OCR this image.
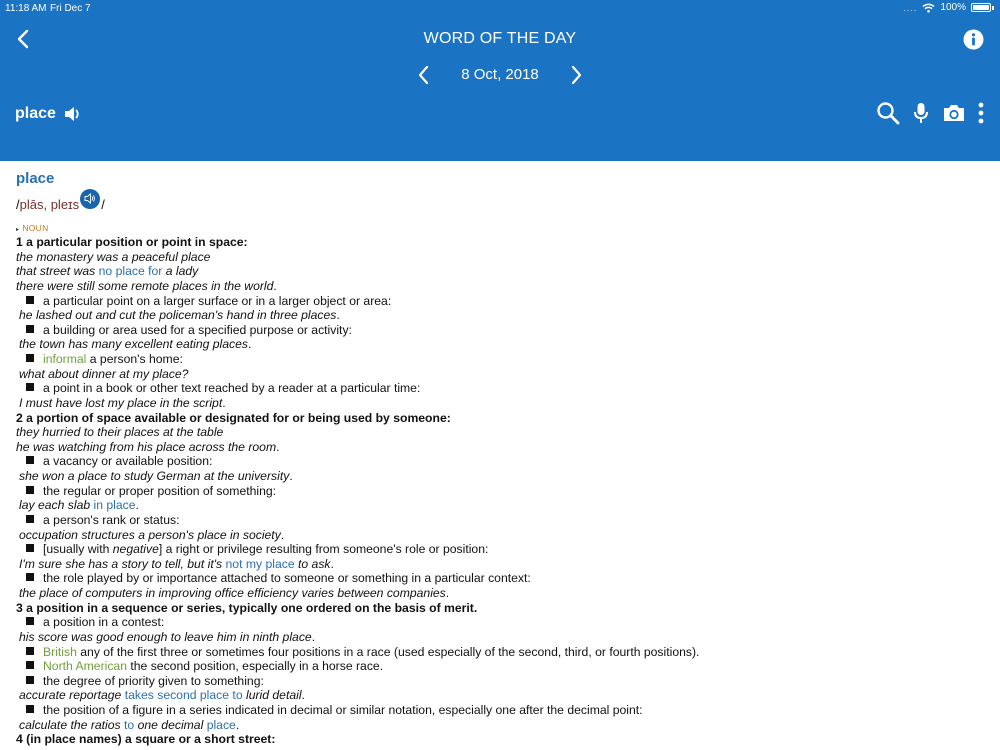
11:18 AM Fri Dec 7	.... 100%
WORD OF THE DAY
8 Oct, 2018
place
place
/ plās, pleɪs /
▸ NOUN
1 a particular position or point in space:
the monastery was a peaceful place
that street was no place for a lady
there were still some remote places in the world.
a particular point on a larger surface or in a larger object or area:
he lashed out and cut the policeman's hand in three places.
a building or area used for a specified purpose or activity:
the town has many excellent eating places.
informal a person's home:
what about dinner at my place?
a point in a book or other text reached by a reader at a particular time:
I must have lost my place in the script.
2 a portion of space available or designated for or being used by someone:
they hurried to their places at the table
he was watching from his place across the room.
a vacancy or available position:
she won a place to study German at the university.
the regular or proper position of something:
lay each slab in place.
a person's rank or status:
occupation structures a person's place in society.
[usually with negative] a right or privilege resulting from someone's role or position:
I'm sure she has a story to tell, but it's not my place to ask.
the role played by or importance attached to someone or something in a particular context:
the place of computers in improving office efficiency varies between companies.
3 a position in a sequence or series, typically one ordered on the basis of merit.
a position in a contest:
his score was good enough to leave him in ninth place.
British any of the first three or sometimes four positions in a race (used especially of the second, third, or fourth positions).
North American the second position, especially in a horse race.
the degree of priority given to something:
accurate reportage takes second place to lurid detail.
the position of a figure in a series indicated in decimal or similar notation, especially one after the decimal point:
calculate the ratios to one decimal place.
4 (in place names) a square or a short street:
